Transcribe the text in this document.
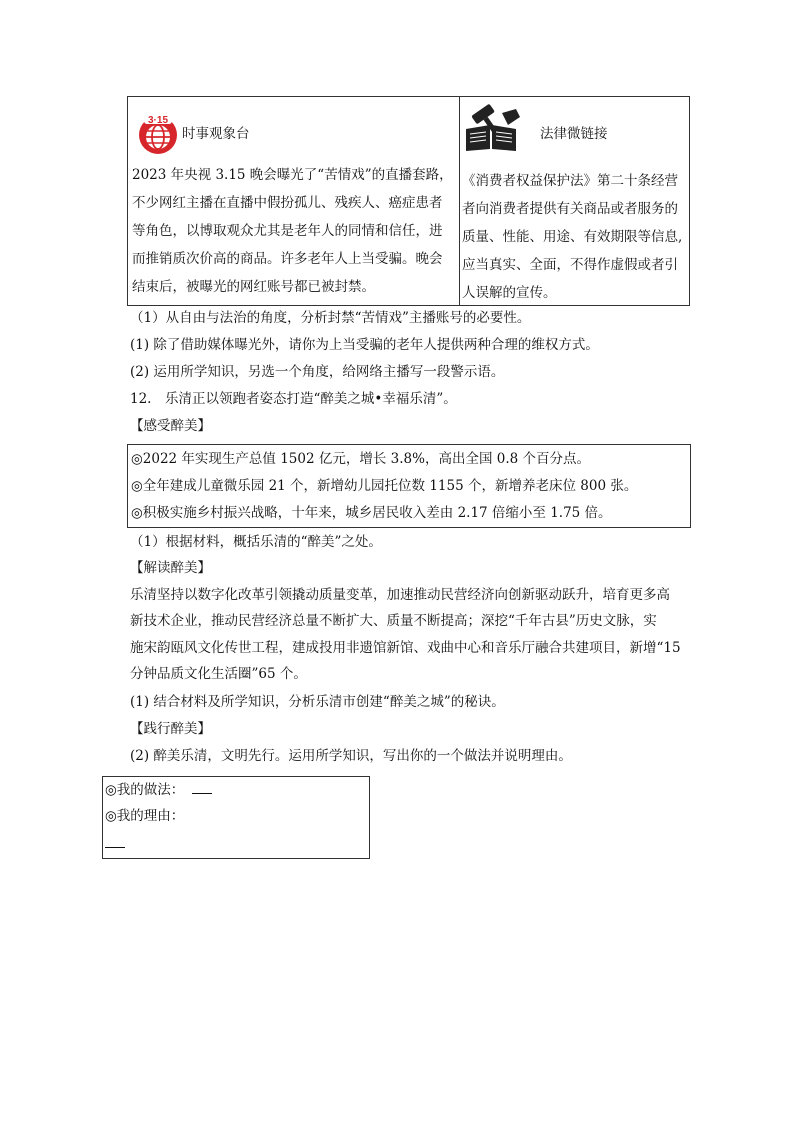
3·15
时事观象台
2023 年央视 3.15 晚会曝光了“苦情戏”的直播套路，
不少网红主播在直播中假扮孤儿、残疾人、癌症患者
等角色，以博取观众尤其是老年人的同情和信任，进
而推销质次价高的商品。许多老年人上当受骗。晚会
结束后，被曝光的网红账号都已被封禁。
法律微链接
《消费者权益保护法》第二十条经营
者向消费者提供有关商品或者服务的
质量、性能、用途、有效期限等信息,
应当真实、全面，不得作虚假或者引
人误解的宣传。
（1）从自由与法治的角度，分析封禁“苦情戏”主播账号的必要性。
(1) 除了借助媒体曝光外，请你为上当受骗的老年人提供两种合理的维权方式。
(2) 运用所学知识，另选一个角度，给网络主播写一段警示语。
12.　乐清正以领跑者姿态打造“醉美之城•幸福乐清”。
【感受醉美】
◎2022 年实现生产总值 1502 亿元，增长 3.8%，高出全国 0.8 个百分点。
◎全年建成儿童微乐园 21 个，新增幼儿园托位数 1155 个，新增养老床位 800 张。
◎积极实施乡村振兴战略，十年来，城乡居民收入差由 2.17 倍缩小至 1.75 倍。
（1）根据材料，概括乐清的“醉美”之处。
【解读醉美】
乐清坚持以数字化改革引领撬动质量变革，加速推动民营经济向创新驱动跃升，培育更多高
新技术企业，推动民营经济总量不断扩大、质量不断提高；深挖“千年古县”历史文脉，实
施宋韵瓯风文化传世工程，建成投用非遗馆新馆、戏曲中心和音乐厅融合共建项目，新增“15
分钟品质文化生活圈”65 个。
(1) 结合材料及所学知识，分析乐清市创建“醉美之城”的秘诀。
【践行醉美】
(2) 醉美乐清，文明先行。运用所学知识，写出你的一个做法并说明理由。
◎我的做法：
◎我的理由：
